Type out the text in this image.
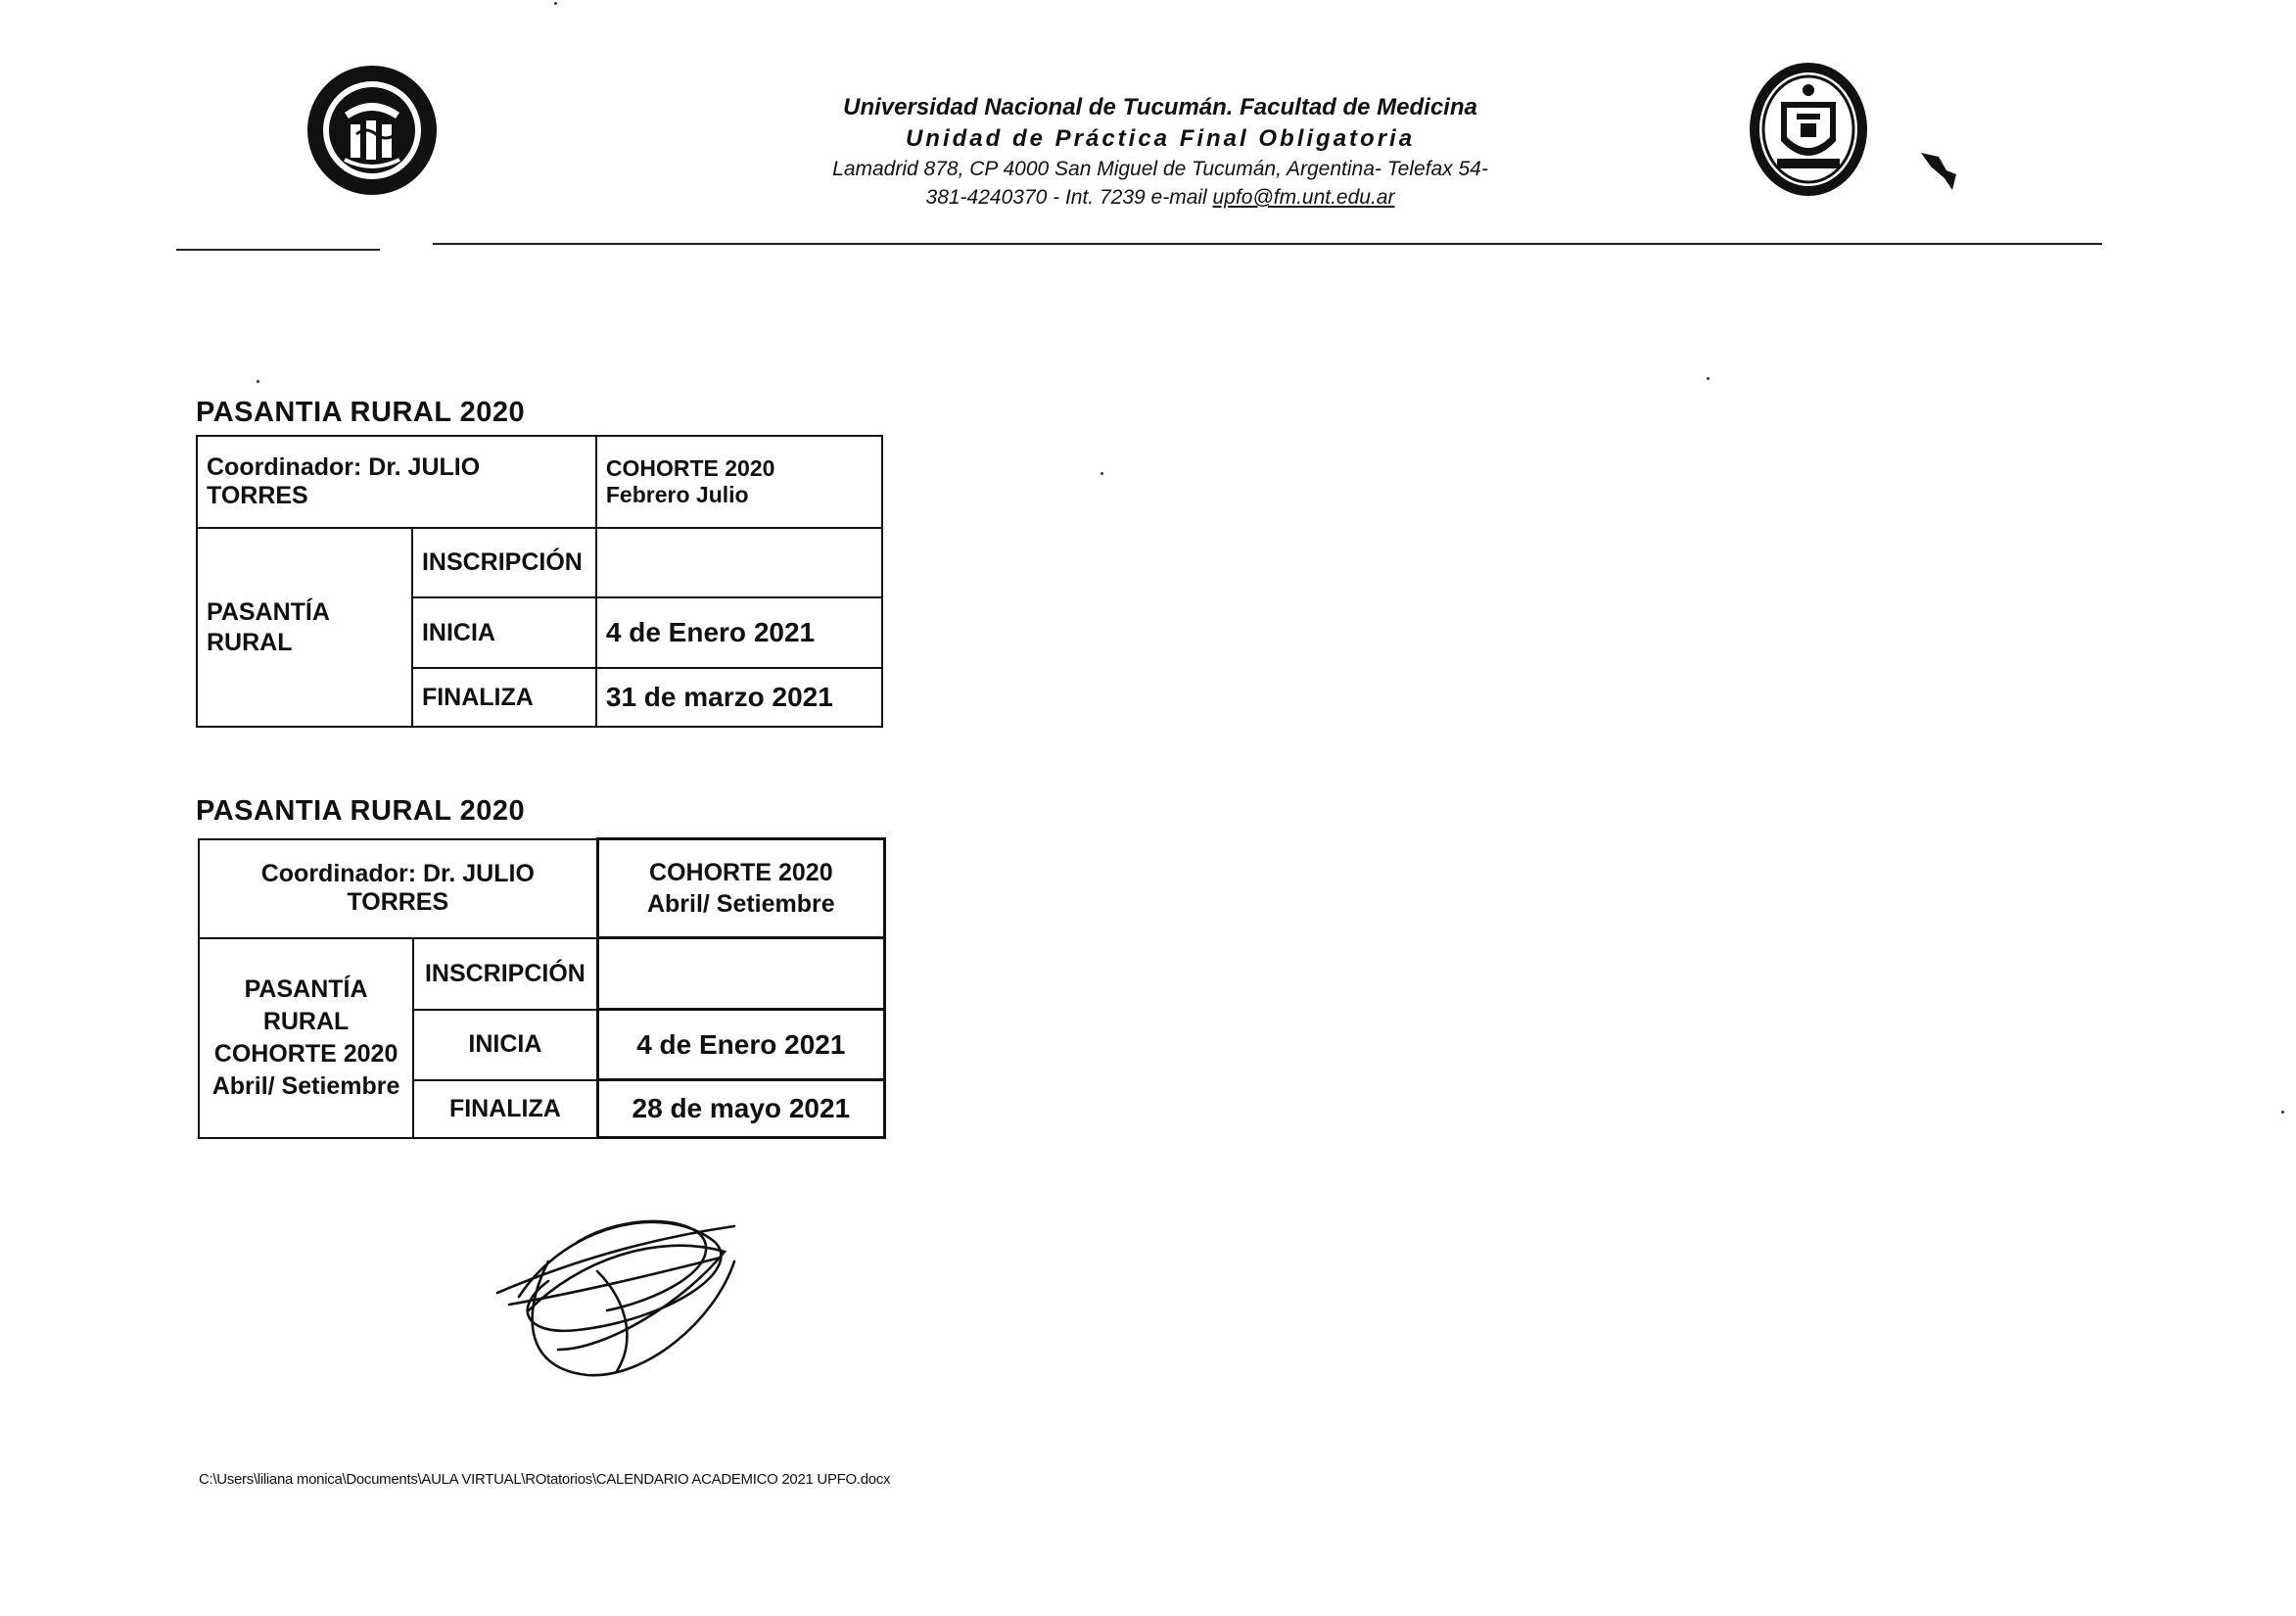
Universidad Nacional de Tucumán. Facultad de Medicina
Unidad de Práctica Final Obligatoria
Lamadrid 878, CP 4000 San Miguel de Tucumán, Argentina- Telefax 54-
381-4240370 - Int. 7239 e-mail upfo@fm.unt.edu.ar
PASANTIA RURAL 2020
Coordinador: Dr. JULIO TORRES		COHORTE 2020
Febrero Julio

PASANTÍA RURAL	INSCRIPCIÓN	
	INICIA	4 de Enero 2021
	FINALIZA	31 de marzo 2021
PASANTIA RURAL 2020
Coordinador: Dr. JULIO TORRES		COHORTE 2020
Abril/ Setiembre

PASANTÍA
RURAL
COHORTE 2020
Abril/ Setiembre	INSCRIPCIÓN	
	INICIA	4 de Enero 2021
	FINALIZA	28 de mayo 2021
C:\Users\liliana monica\Documents\AULA VIRTUAL\ROtatorios\CALENDARIO ACADEMICO 2021 UPFO.docx
